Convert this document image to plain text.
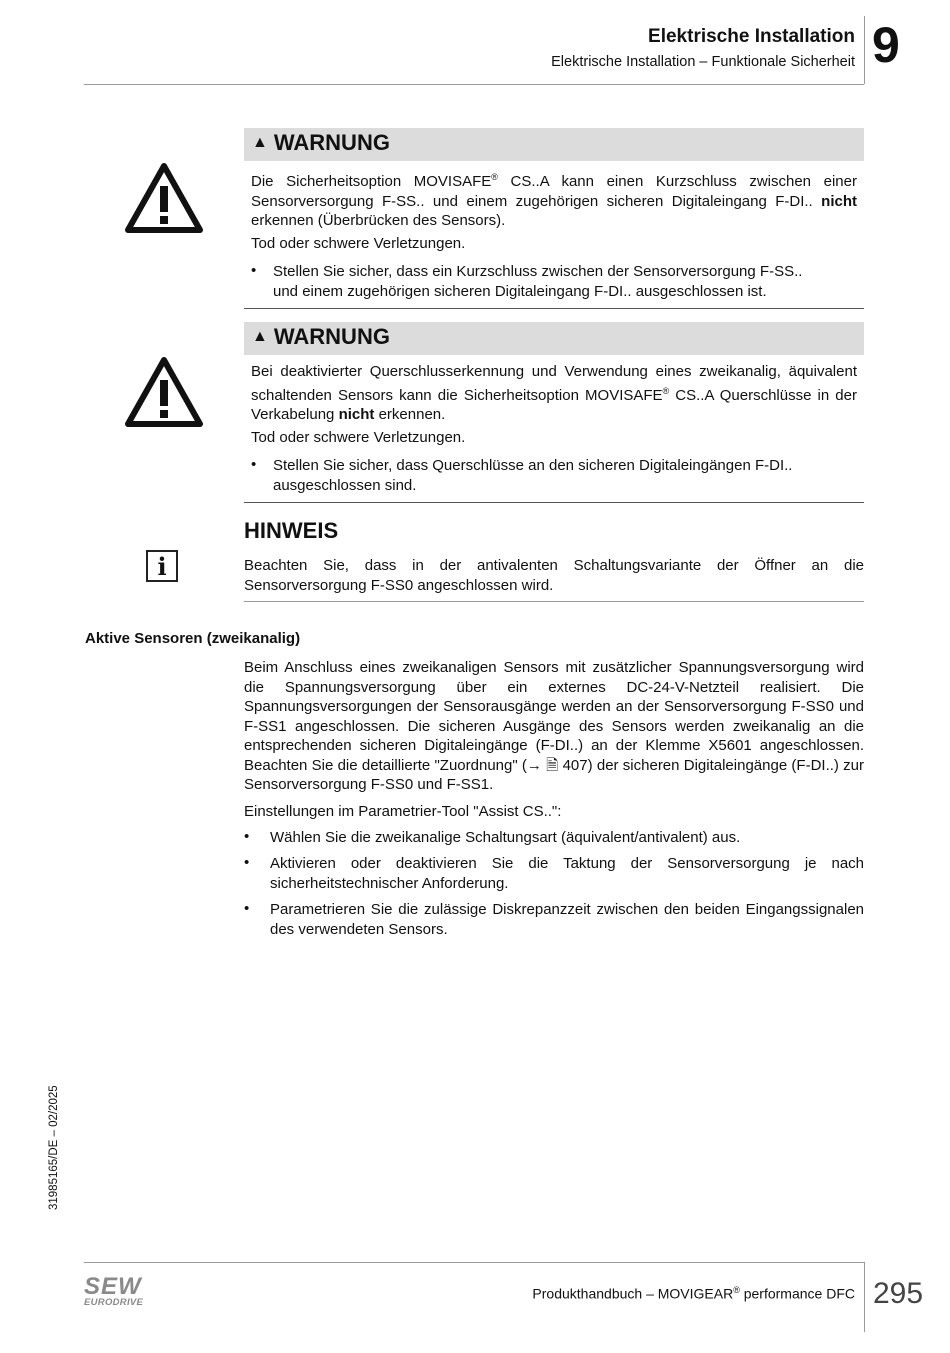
Elektrische Installation
Elektrische Installation – Funktionale Sicherheit 9
▲ WARNUNG
Die Sicherheitsoption MOVISAFE® CS..A kann einen Kurzschluss zwischen einer Sensorversorgung F-SS.. und einem zugehörigen sicheren Digitaleingang F-DI.. nicht erkennen (Überbrücken des Sensors).
Tod oder schwere Verletzungen.
• Stellen Sie sicher, dass ein Kurzschluss zwischen der Sensorversorgung F-SS..
und einem zugehörigen sicheren Digitaleingang F-DI.. ausgeschlossen ist.
▲ WARNUNG
Bei deaktivierter Querschlusserkennung und Verwendung eines zweikanalig, äquivalent schaltenden Sensors kann die Sicherheitsoption MOVISAFE® CS..A Querschlüsse in der Verkabelung nicht erkennen.
Tod oder schwere Verletzungen.
• Stellen Sie sicher, dass Querschlüsse an den sicheren Digitaleingängen F-DI..
ausgeschlossen sind.
HINWEIS
i	Beachten Sie, dass in der antivalenten Schaltungsvariante der Öffner an die Sensorversorgung F-SS0 angeschlossen wird.
Aktive Sensoren (zweikanalig)
Beim Anschluss eines zweikanaligen Sensors mit zusätzlicher Spannungsversorgung wird die Spannungsversorgung über ein externes DC-24-V-Netzteil realisiert. Die Spannungsversorgungen der Sensorausgänge werden an der Sensorversorgung F-SS0 und F-SS1 angeschlossen. Die sicheren Ausgänge des Sensors werden zweikanalig an die entsprechenden sicheren Digitaleingänge (F-DI..) an der Klemme X5601 angeschlossen. Beachten Sie die detaillierte "Zuordnung" (→ 🗎 407) der sicheren Digitaleingänge (F-DI..) zur Sensorversorgung F-SS0 und F-SS1.
Einstellungen im Parametrier-Tool "Assist CS..":
• Wählen Sie die zweikanalige Schaltungsart (äquivalent/antivalent) aus.
• Aktivieren oder deaktivieren Sie die Taktung der Sensorversorgung je nach sicherheitstechnischer Anforderung.
• Parametrieren Sie die zulässige Diskrepanzzeit zwischen den beiden Eingangssignalen des verwendeten Sensors.
31985165/DE – 02/2025
SEW
EURODRIVE
Produkthandbuch – MOVIGEAR® performance DFC 295
